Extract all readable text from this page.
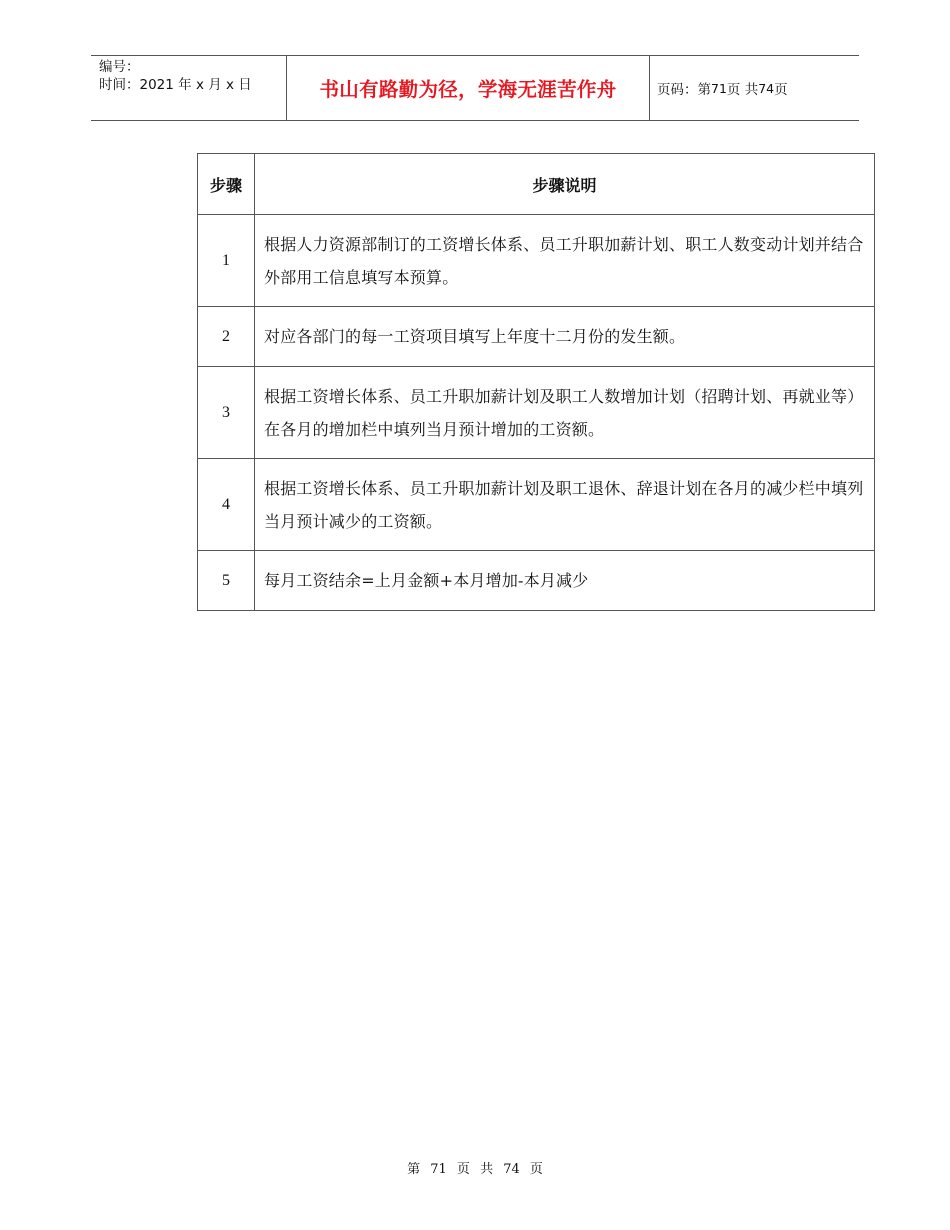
编号：
时间：2021 年 x 月 x 日	书山有路勤为径，学海无涯苦作舟	页码：第 71 页 共 74 页
步骤	步骤说明
1	根据人力资源部制订的工资增长体系、员工升职加薪计划、职工人数变动计划并结合外部用工信息填写本预算。
2	对应各部门的每一工资项目填写上年度十二月份的发生额。
3	根据工资增长体系、员工升职加薪计划及职工人数增加计划（招聘计划、再就业等）在各月的增加栏中填列当月预计增加的工资额。
4	根据工资增长体系、员工升职加薪计划及职工退休、辞退计划在各月的减少栏中填列当月预计减少的工资额。
5	每月工资结余=上月金额+本月增加-本月减少
第 71 页 共 74 页
